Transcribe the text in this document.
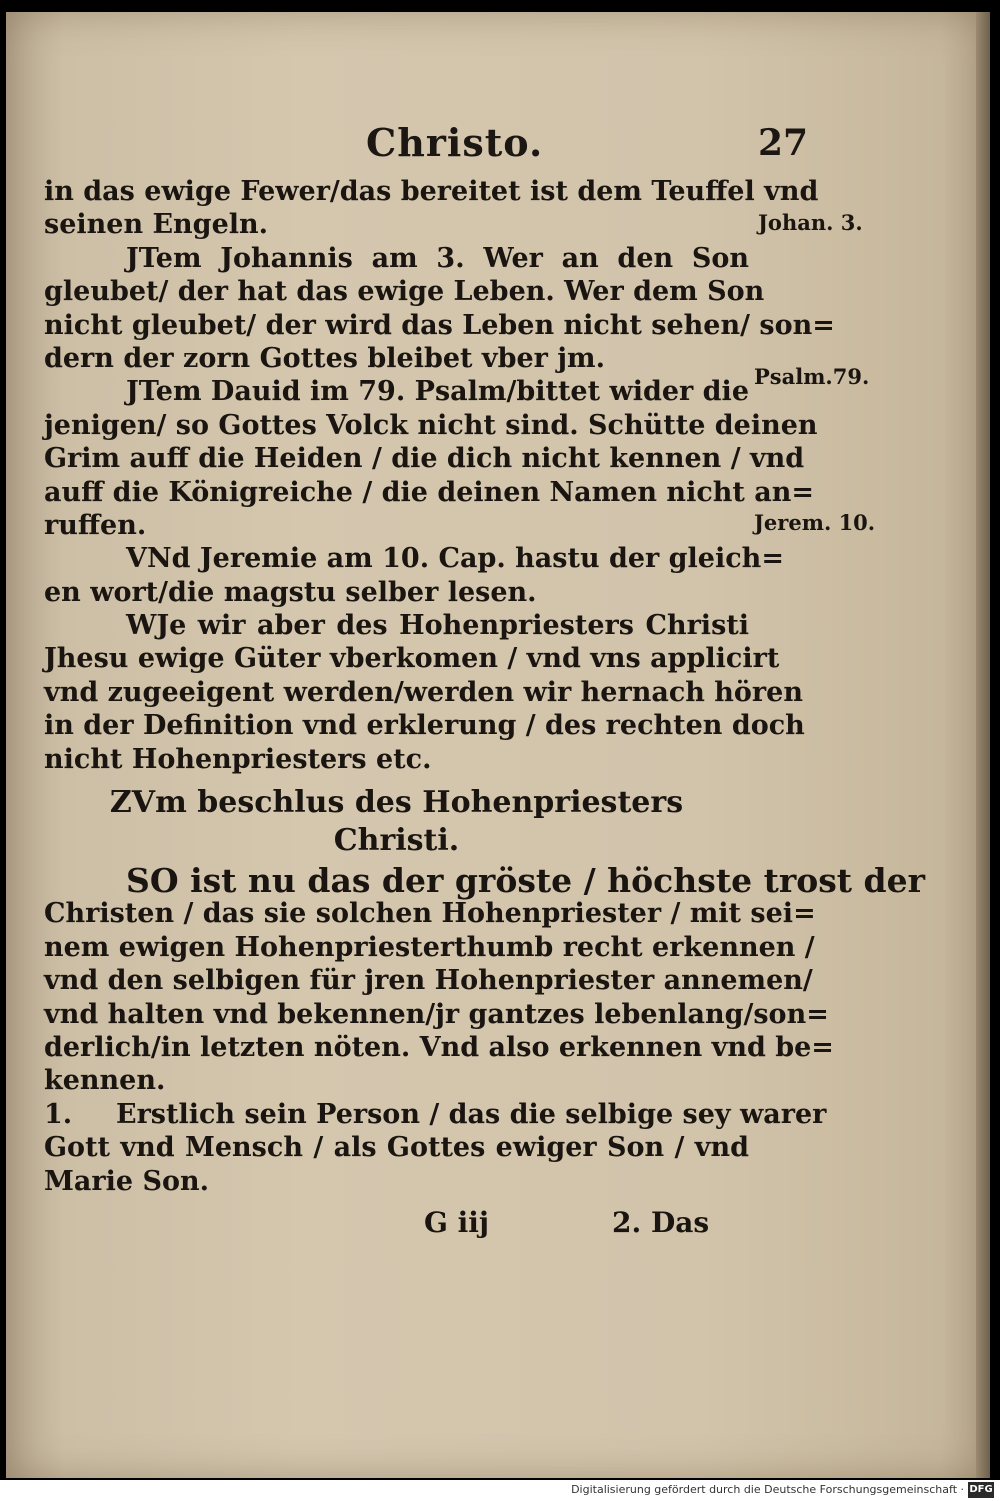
Christo.	27
Johan. 3.
Psalm.79.
Jerem. 10.
in das ewige Fewer/das bereitet ist dem Teuffel vnd
seinen Engeln.
JTem Johannis am 3. Wer an den Son
gleubet/ der hat das ewige Leben. Wer dem Son
nicht gleubet/ der wird das Leben nicht sehen/ son=
dern der zorn Gottes bleibet vber jm.
JTem Dauid im 79. Psalm/bittet wider die
jenigen/ so Gottes Volck nicht sind. Schütte deinen
Grim auff die Heiden / die dich nicht kennen / vnd
auff die Königreiche / die deinen Namen nicht an=
ruffen.
VNd Jeremie am 10. Cap. hastu der gleich=
en wort/die magstu selber lesen.
WJe wir aber des Hohenpriesters Christi
Jhesu ewige Güter vberkomen / vnd vns applicirt
vnd zugeeigent werden/werden wir hernach hören
in der Definition vnd erklerung / des rechten doch
nicht Hohenpriesters etc.
ZVm beschlus des Hohenpriesters
Christi.
SO ist nu das der gröste / höchste trost der
Christen / das sie solchen Hohenpriester / mit sei=
nem ewigen Hohenpriesterthumb recht erkennen /
vnd den selbigen für jren Hohenpriester annemen/
vnd halten vnd bekennen/jr gantzes lebenlang/son=
derlich/in letzten nöten. Vnd also erkennen vnd be=
kennen.
1.	Erstlich sein Person / das die selbige sey warer
Gott vnd Mensch / als Gottes ewiger Son / vnd
Marie Son.
G iij	2. Das
Digitalisierung gefördert durch die Deutsche Forschungsgemeinschaft · DFG
